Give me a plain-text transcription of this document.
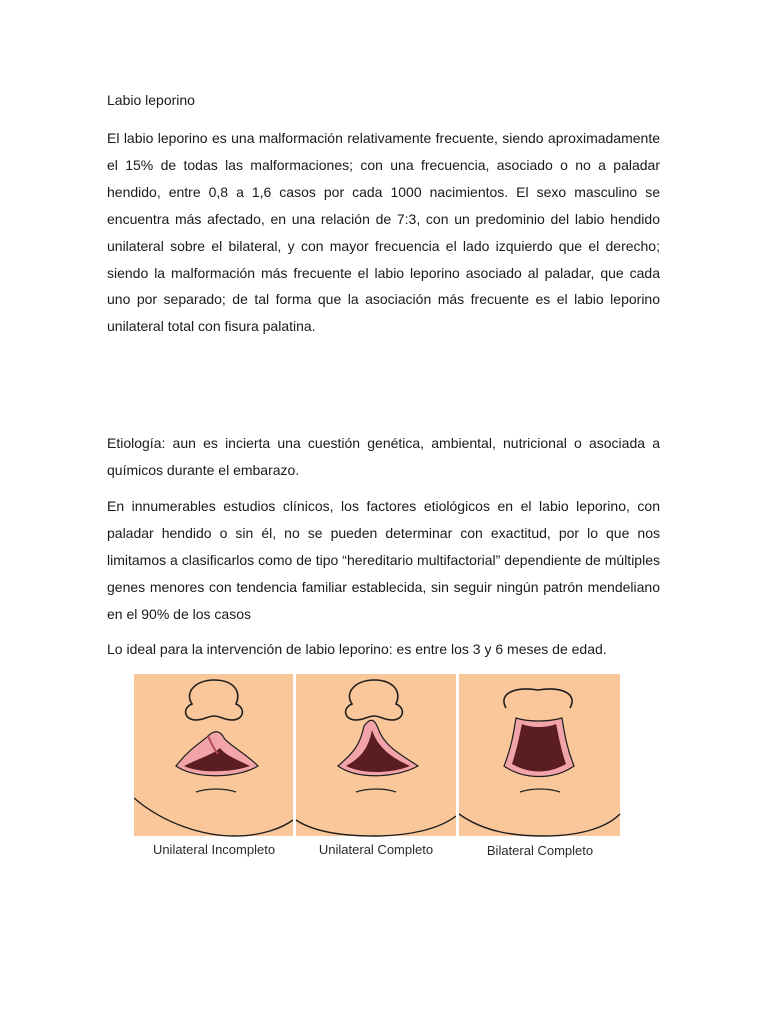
Labio leporino

El labio leporino es una malformación relativamente frecuente, siendo aproximadamente el 15% de todas las malformaciones; con una frecuencia, asociado o no a paladar hendido, entre 0,8 a 1,6 casos por cada 1000 nacimientos. El sexo masculino se encuentra más afectado, en una relación de 7:3, con un predominio del labio hendido unilateral sobre el bilateral, y con mayor frecuencia el lado izquierdo que el derecho; siendo la malformación más frecuente el labio leporino asociado al paladar, que cada uno por separado; de tal forma que la asociación más frecuente es el labio leporino unilateral total con fisura palatina.

Etiología: aun es incierta una cuestión genética, ambiental, nutricional o asociada a químicos durante el embarazo.

En innumerables estudios clínicos, los factores etiológicos en el labio leporino, con paladar hendido o sin él, no se pueden determinar con exactitud, por lo que nos limitamos a clasificarlos como de tipo “hereditario multifactorial” dependiente de múltiples genes menores con tendencia familiar establecida, sin seguir ningún patrón mendeliano en el 90% de los casos

Lo ideal para la intervención de labio leporino: es entre los 3 y 6 meses de edad.

Unilateral Incompleto	Unilateral Completo	Bilateral Completo
